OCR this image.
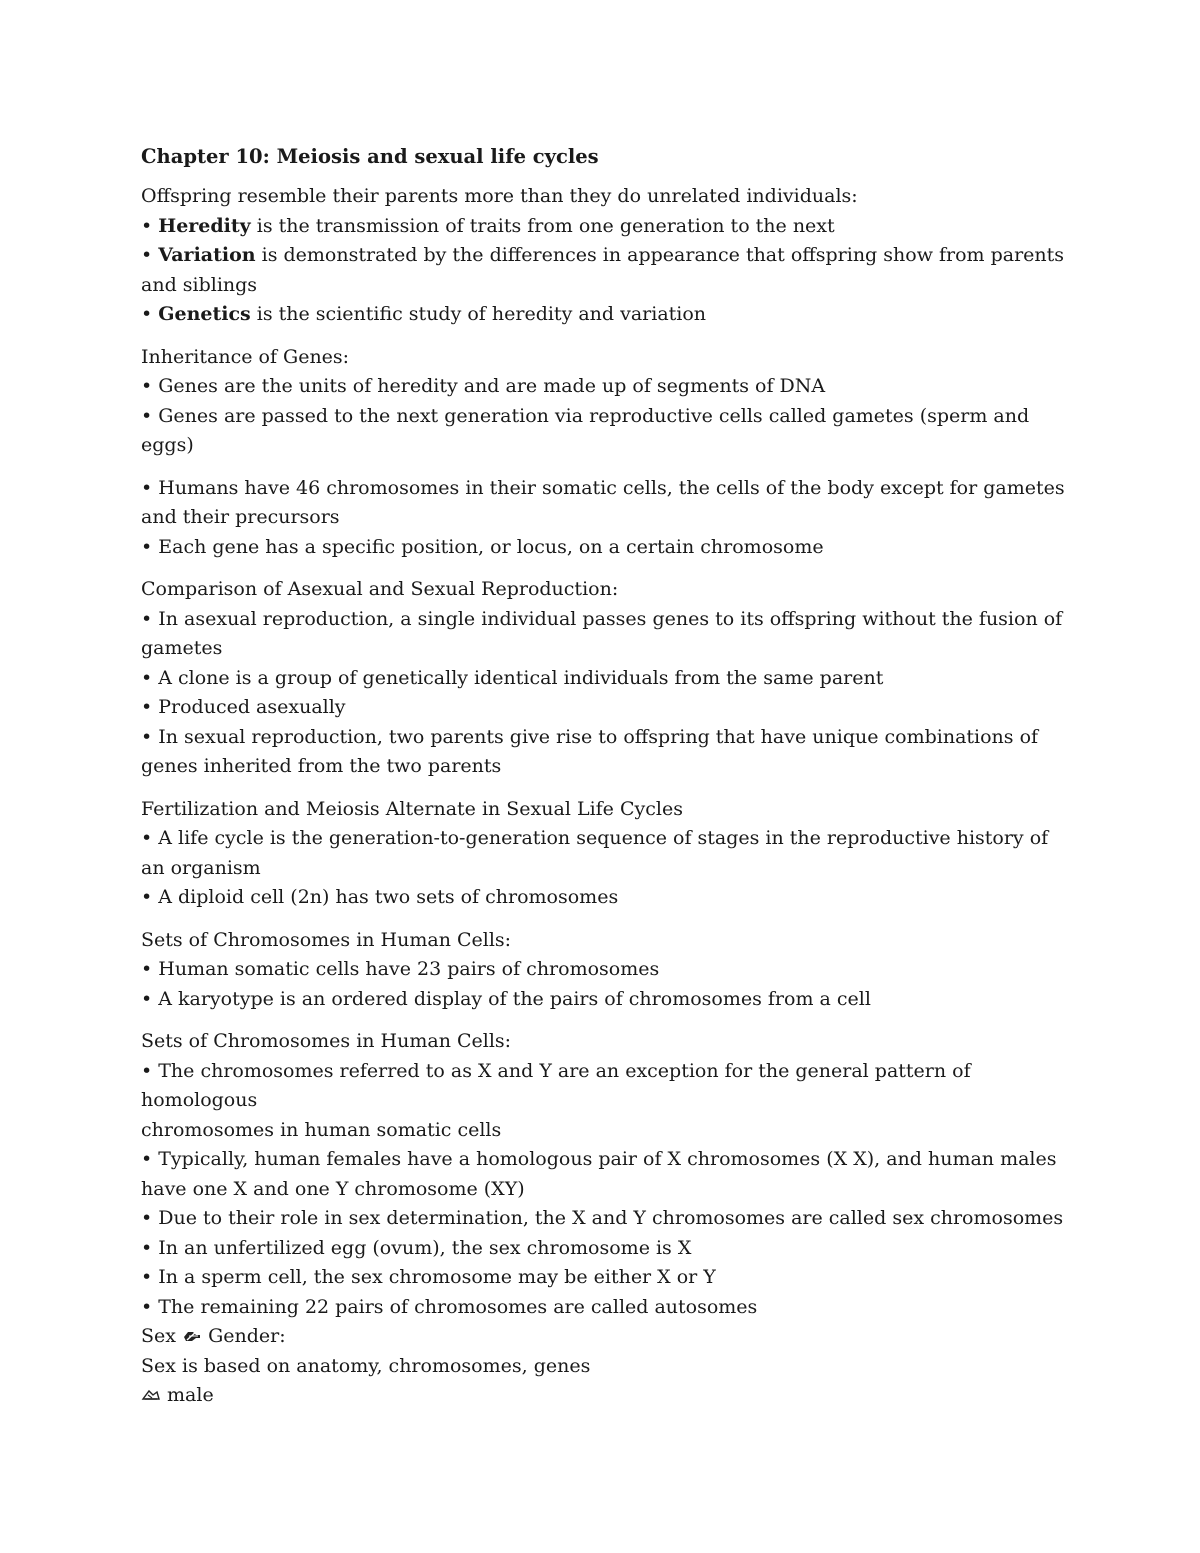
Chapter 10: Meiosis and sexual life cycles
Offspring resemble their parents more than they do unrelated individuals:
• Heredity is the transmission of traits from one generation to the next
• Variation is demonstrated by the differences in appearance that offspring show from parents and siblings
• Genetics is the scientific study of heredity and variation
Inheritance of Genes:
• Genes are the units of heredity and are made up of segments of DNA
• Genes are passed to the next generation via reproductive cells called gametes (sperm and eggs)
• Humans have 46 chromosomes in their somatic cells, the cells of the body except for gametes and their precursors
• Each gene has a specific position, or locus, on a certain chromosome
Comparison of Asexual and Sexual Reproduction:
• In asexual reproduction, a single individual passes genes to its offspring without the fusion of gametes
• A clone is a group of genetically identical individuals from the same parent
• Produced asexually
• In sexual reproduction, two parents give rise to offspring that have unique combinations of genes inherited from the two parents
Fertilization and Meiosis Alternate in Sexual Life Cycles
• A life cycle is the generation-to-generation sequence of stages in the reproductive history of an organism
• A diploid cell (2n) has two sets of chromosomes
Sets of Chromosomes in Human Cells:
• Human somatic cells have 23 pairs of chromosomes
• A karyotype is an ordered display of the pairs of chromosomes from a cell
Sets of Chromosomes in Human Cells:
• The chromosomes referred to as X and Y are an exception for the general pattern of homologous
chromosomes in human somatic cells
• Typically, human females have a homologous pair of X chromosomes (X X), and human males have one X and one Y chromosome (XY)
• Due to their role in sex determination, the X and Y chromosomes are called sex chromosomes
• In an unfertilized egg (ovum), the sex chromosome is X
• In a sperm cell, the sex chromosome may be either X or Y
• The remaining 22 pairs of chromosomes are called autosomes
Sex
Gender:
Sex is based on anatomy, chromosomes, genes
male
